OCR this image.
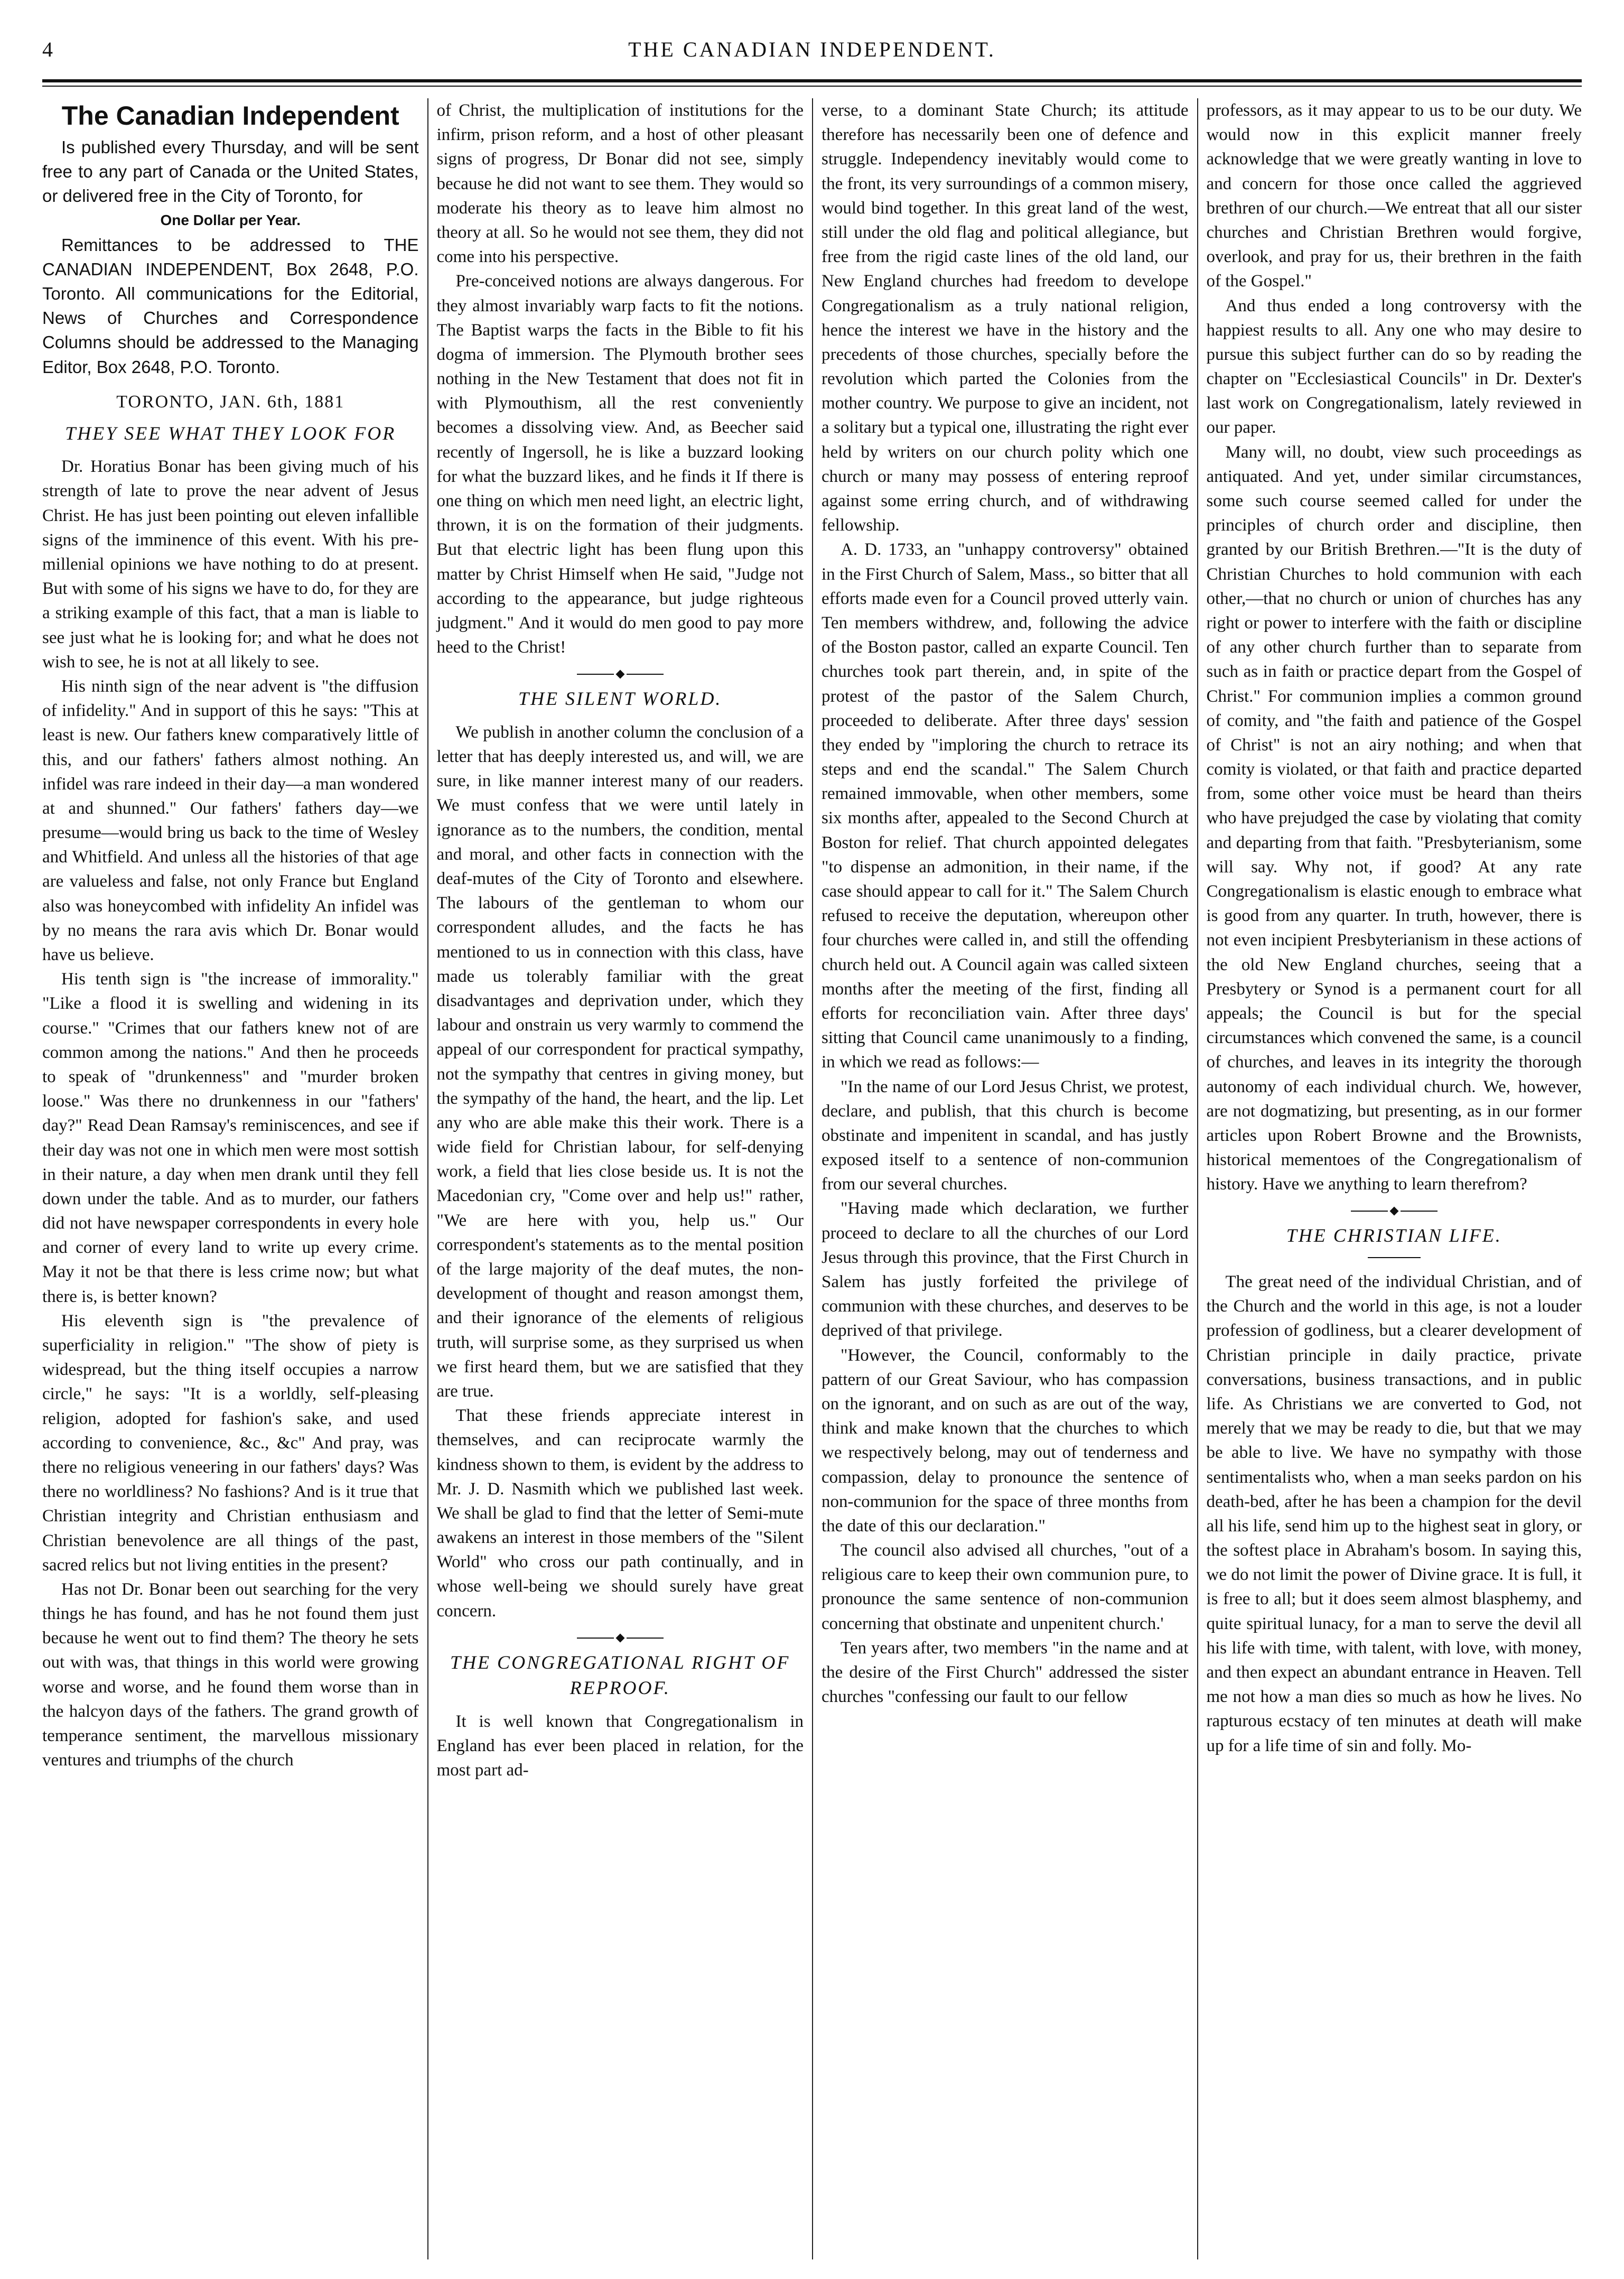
4	THE CANADIAN INDEPENDENT.
The Canadian Independent

Is published every Thursday, and will be sent free to any part of Canada or the United States, or delivered free in the City of Toronto, for

One Dollar per Year.

Remittances to be addressed to THE CANADIAN INDEPENDENT, Box 2648, P.O. Toronto. All communications for the Editorial, News of Churches and Correspondence Columns should be addressed to the Managing Editor, Box 2648, P.O. Toronto.

TORONTO, JAN. 6th, 1881
THEY SEE WHAT THEY LOOK FOR

Dr. Horatius Bonar has been giving much of his strength of late to prove the near advent of Jesus Christ. He has just been pointing out eleven infallible signs of the imminence of this event. With his pre-millenial opinions we have nothing to do at present. But with some of his signs we have to do, for they are a striking example of this fact, that a man is liable to see just what he is looking for; and what he does not wish to see, he is not at all likely to see.

His ninth sign of the near advent is "the diffusion of infidelity." And in support of this he says: "This at least is new. Our fathers knew comparatively little of this, and our fathers' fathers almost nothing. An infidel was rare indeed in their day—a man wondered at and shunned." Our fathers' fathers day—we presume—would bring us back to the time of Wesley and Whitfield. And unless all the histories of that age are valueless and false, not only France but England also was honeycombed with infidelity An infidel was by no means the rara avis which Dr. Bonar would have us believe.

His tenth sign is "the increase of immorality." "Like a flood it is swelling and widening in its course." "Crimes that our fathers knew not of are common among the nations." And then he proceeds to speak of "drunkenness" and "murder broken loose." Was there no drunkenness in our "fathers' day?" Read Dean Ramsay's reminiscences, and see if their day was not one in which men were most sottish in their nature, a day when men drank until they fell down under the table. And as to murder, our fathers did not have newspaper correspondents in every hole and corner of every land to write up every crime. May it not be that there is less crime now; but what there is, is better known?

His eleventh sign is "the prevalence of superficiality in religion." "The show of piety is widespread, but the thing itself occupies a narrow circle," he says: "It is a worldly, self-pleasing religion, adopted for fashion's sake, and used according to convenience, &c., &c" And pray, was there no religious veneering in our fathers' days? Was there no worldliness? No fashions? And is it true that Christian integrity and Christian enthusiasm and Christian benevolence are all things of the past, sacred relics but not living entities in the present?

Has not Dr. Bonar been out searching for the very things he has found, and has he not found them just because he went out to find them? The theory he sets out with was, that things in this world were growing worse and worse, and he found them worse than in the halcyon days of the fathers. The grand growth of temperance sentiment, the marvellous missionary ventures and triumphs of the church

of Christ, the multiplication of institutions for the infirm, prison reform, and a host of other pleasant signs of progress, Dr Bonar did not see, simply because he did not want to see them. They would so moderate his theory as to leave him almost no theory at all. So he would not see them, they did not come into his perspective.

Pre-conceived notions are always dangerous. For they almost invariably warp facts to fit the notions. The Baptist warps the facts in the Bible to fit his dogma of immersion. The Plymouth brother sees nothing in the New Testament that does not fit in with Plymouthism, all the rest conveniently becomes a dissolving view. And, as Beecher said recently of Ingersoll, he is like a buzzard looking for what the buzzard likes, and he finds it If there is one thing on which men need light, an electric light, thrown, it is on the formation of their judgments. But that electric light has been flung upon this matter by Christ Himself when He said, "Judge not according to the appearance, but judge righteous judgment." And it would do men good to pay more heed to the Christ!

THE SILENT WORLD.

We publish in another column the conclusion of a letter that has deeply interested us, and will, we are sure, in like manner interest many of our readers. We must confess that we were until lately in ignorance as to the numbers, the condition, mental and moral, and other facts in connection with the deaf-mutes of the City of Toronto and elsewhere. The labours of the gentleman to whom our correspondent alludes, and the facts he has mentioned to us in connection with this class, have made us tolerably familiar with the great disadvantages and deprivation under, which they labour and onstrain us very warmly to commend the appeal of our correspondent for practical sympathy, not the sympathy that centres in giving money, but the sympathy of the hand, the heart, and the lip. Let any who are able make this their work. There is a wide field for Christian labour, for self-denying work, a field that lies close beside us. It is not the Macedonian cry, "Come over and help us!" rather, "We are here with you, help us." Our correspondent's statements as to the mental position of the large majority of the deaf mutes, the non-development of thought and reason amongst them, and their ignorance of the elements of religious truth, will surprise some, as they surprised us when we first heard them, but we are satisfied that they are true.

That these friends appreciate interest in themselves, and can reciprocate warmly the kindness shown to them, is evident by the address to Mr. J. D. Nasmith which we published last week. We shall be glad to find that the letter of Semi-mute awakens an interest in those members of the "Silent World" who cross our path continually, and in whose well-being we should surely have great concern.

THE CONGREGATIONAL RIGHT OF REPROOF.

It is well known that Congregationalism in England has ever been placed in relation, for the most part ad-

verse, to a dominant State Church; its attitude therefore has necessarily been one of defence and struggle. Independency inevitably would come to the front, its very surroundings of a common misery, would bind together. In this great land of the west, still under the old flag and political allegiance, but free from the rigid caste lines of the old land, our New England churches had freedom to develope Congregationalism as a truly national religion, hence the interest we have in the history and the precedents of those churches, specially before the revolution which parted the Colonies from the mother country. We purpose to give an incident, not a solitary but a typical one, illustrating the right ever held by writers on our church polity which one church or many may possess of entering reproof against some erring church, and of withdrawing fellowship.

A. D. 1733, an "unhappy controversy" obtained in the First Church of Salem, Mass., so bitter that all efforts made even for a Council proved utterly vain. Ten members withdrew, and, following the advice of the Boston pastor, called an exparte Council. Ten churches took part therein, and, in spite of the protest of the pastor of the Salem Church, proceeded to deliberate. After three days' session they ended by "imploring the church to retrace its steps and end the scandal." The Salem Church remained immovable, when other members, some six months after, appealed to the Second Church at Boston for relief. That church appointed delegates "to dispense an admonition, in their name, if the case should appear to call for it." The Salem Church refused to receive the deputation, whereupon other four churches were called in, and still the offending church held out. A Council again was called sixteen months after the meeting of the first, finding all efforts for reconciliation vain. After three days' sitting that Council came unanimously to a finding, in which we read as follows:—

"In the name of our Lord Jesus Christ, we protest, declare, and publish, that this church is become obstinate and impenitent in scandal, and has justly exposed itself to a sentence of non-communion from our several churches.

"Having made which declaration, we further proceed to declare to all the churches of our Lord Jesus through this province, that the First Church in Salem has justly forfeited the privilege of communion with these churches, and deserves to be deprived of that privilege.

"However, the Council, conformably to the pattern of our Great Saviour, who has compassion on the ignorant, and on such as are out of the way, think and make known that the churches to which we respectively belong, may out of tenderness and compassion, delay to pronounce the sentence of non-communion for the space of three months from the date of this our declaration."

The council also advised all churches, "out of a religious care to keep their own communion pure, to pronounce the same sentence of non-communion concerning that obstinate and unpenitent church.'

Ten years after, two members "in the name and at the desire of the First Church" addressed the sister churches "confessing our fault to our fellow

professors, as it may appear to us to be our duty. We would now in this explicit manner freely acknowledge that we were greatly wanting in love to and concern for those once called the aggrieved brethren of our church.—We entreat that all our sister churches and Christian Brethren would forgive, overlook, and pray for us, their brethren in the faith of the Gospel."

And thus ended a long controversy with the happiest results to all. Any one who may desire to pursue this subject further can do so by reading the chapter on "Ecclesiastical Councils" in Dr. Dexter's last work on Congregationalism, lately reviewed in our paper.

Many will, no doubt, view such proceedings as antiquated. And yet, under similar circumstances, some such course seemed called for under the principles of church order and discipline, then granted by our British Brethren.—"It is the duty of Christian Churches to hold communion with each other,—that no church or union of churches has any right or power to interfere with the faith or discipline of any other church further than to separate from such as in faith or practice depart from the Gospel of Christ." For communion implies a common ground of comity, and "the faith and patience of the Gospel of Christ" is not an airy nothing; and when that comity is violated, or that faith and practice departed from, some other voice must be heard than theirs who have prejudged the case by violating that comity and departing from that faith. "Presbyterianism, some will say. Why not, if good? At any rate Congregationalism is elastic enough to embrace what is good from any quarter. In truth, however, there is not even incipient Presbyterianism in these actions of the old New England churches, seeing that a Presbytery or Synod is a permanent court for all appeals; the Council is but for the special circumstances which convened the same, is a council of churches, and leaves in its integrity the thorough autonomy of each individual church. We, however, are not dogmatizing, but presenting, as in our former articles upon Robert Browne and the Brownists, historical mementoes of the Congregationalism of history. Have we anything to learn therefrom?

THE CHRISTIAN LIFE.

The great need of the individual Christian, and of the Church and the world in this age, is not a louder profession of godliness, but a clearer development of Christian principle in daily practice, private conversations, business transactions, and in public life. As Christians we are converted to God, not merely that we may be ready to die, but that we may be able to live. We have no sympathy with those sentimentalists who, when a man seeks pardon on his death-bed, after he has been a champion for the devil all his life, send him up to the highest seat in glory, or the softest place in Abraham's bosom. In saying this, we do not limit the power of Divine grace. It is full, it is free to all; but it does seem almost blasphemy, and quite spiritual lunacy, for a man to serve the devil all his life with time, with talent, with love, with money, and then expect an abundant entrance in Heaven. Tell me not how a man dies so much as how he lives. No rapturous ecstacy of ten minutes at death will make up for a life time of sin and folly. Mo-
